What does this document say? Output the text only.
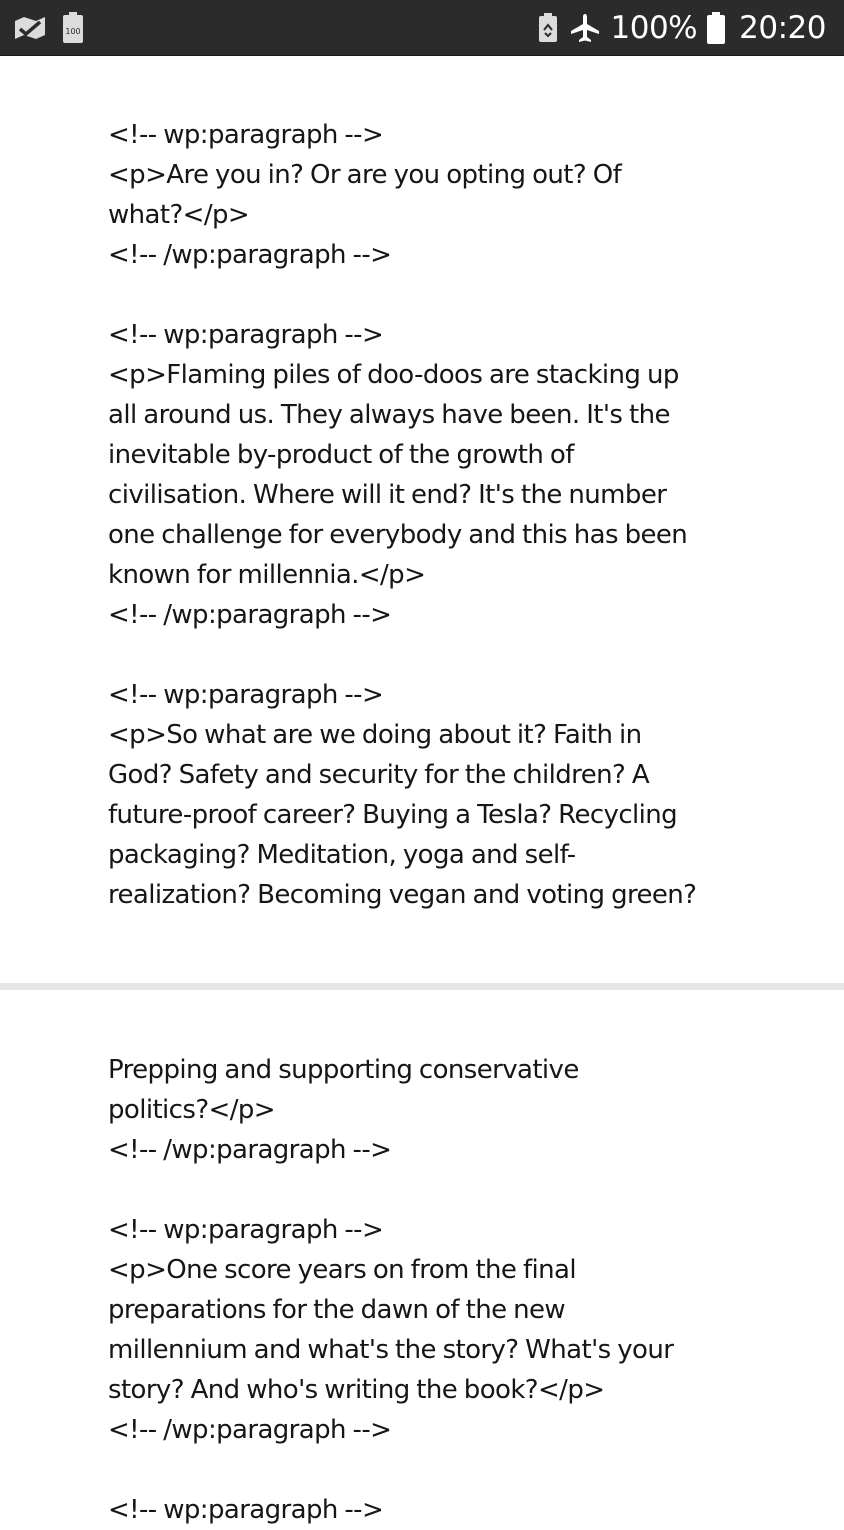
100	100% 20:20
<!-- wp:paragraph -->
<p>Are you in? Or are you opting out? Of
what?</p>
<!-- /wp:paragraph -->

<!-- wp:paragraph -->
<p>Flaming piles of doo-doos are stacking up
all around us. They always have been. It's the
inevitable by-product of the growth of
civilisation. Where will it end? It's the number
one challenge for everybody and this has been
known for millennia.</p>
<!-- /wp:paragraph -->

<!-- wp:paragraph -->
<p>So what are we doing about it? Faith in
God? Safety and security for the children? A
future-proof career? Buying a Tesla? Recycling
packaging? Meditation, yoga and self-
realization? Becoming vegan and voting green?
Prepping and supporting conservative
politics?</p>
<!-- /wp:paragraph -->

<!-- wp:paragraph -->
<p>One score years on from the final
preparations for the dawn of the new
millennium and what's the story? What's your
story? And who's writing the book?</p>
<!-- /wp:paragraph -->

<!-- wp:paragraph -->
